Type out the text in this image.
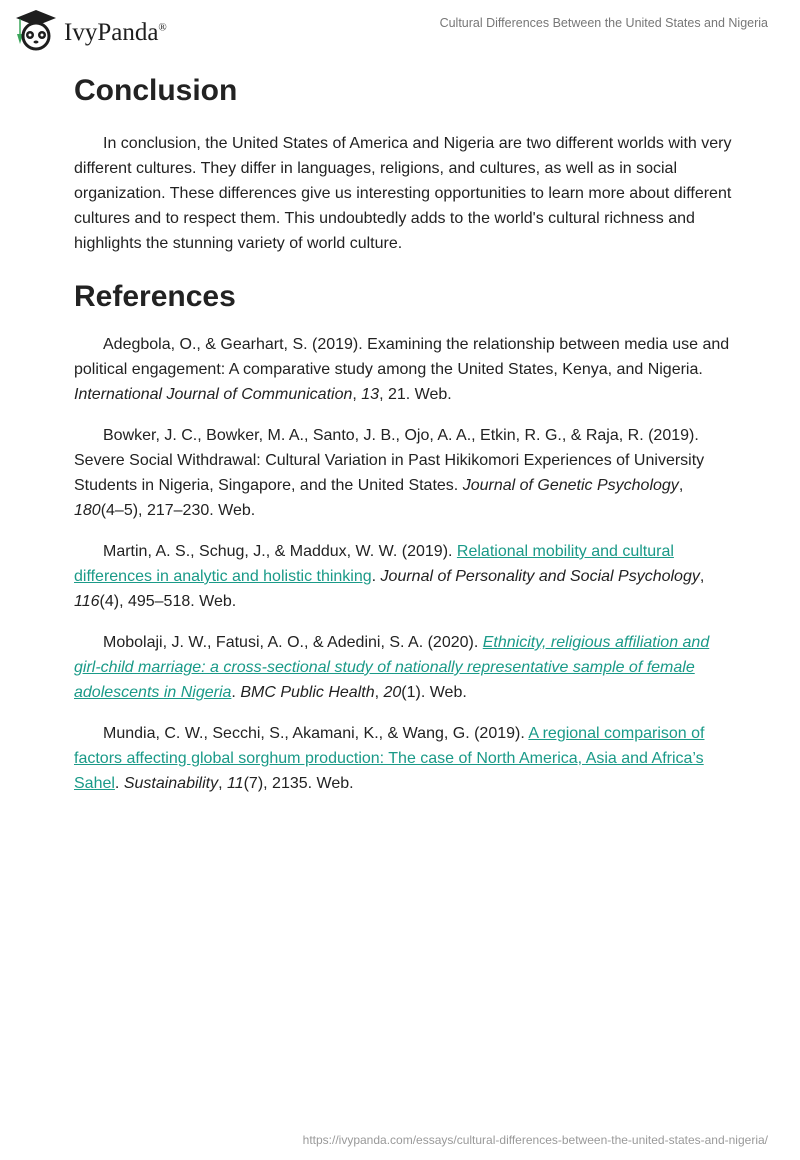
IvyPanda®	Cultural Differences Between the United States and Nigeria
Conclusion

In conclusion, the United States of America and Nigeria are two different worlds with very different cultures. They differ in languages, religions, and cultures, as well as in social organization. These differences give us interesting opportunities to learn more about different cultures and to respect them. This undoubtedly adds to the world's cultural richness and highlights the stunning variety of world culture.

References

Adegbola, O., & Gearhart, S. (2019). Examining the relationship between media use and political engagement: A comparative study among the United States, Kenya, and Nigeria. International Journal of Communication, 13, 21. Web.

Bowker, J. C., Bowker, M. A., Santo, J. B., Ojo, A. A., Etkin, R. G., & Raja, R. (2019). Severe Social Withdrawal: Cultural Variation in Past Hikikomori Experiences of University Students in Nigeria, Singapore, and the United States. Journal of Genetic Psychology, 180(4–5), 217–230. Web.

Martin, A. S., Schug, J., & Maddux, W. W. (2019). Relational mobility and cultural differences in analytic and holistic thinking. Journal of Personality and Social Psychology, 116(4), 495–518. Web.

Mobolaji, J. W., Fatusi, A. O., & Adedini, S. A. (2020). Ethnicity, religious affiliation and girl-child marriage: a cross-sectional study of nationally representative sample of female adolescents in Nigeria. BMC Public Health, 20(1). Web.

Mundia, C. W., Secchi, S., Akamani, K., & Wang, G. (2019). A regional comparison of factors affecting global sorghum production: The case of North America, Asia and Africa’s Sahel. Sustainability, 11(7), 2135. Web.

https://ivypanda.com/essays/cultural-differences-between-the-united-states-and-nigeria/
